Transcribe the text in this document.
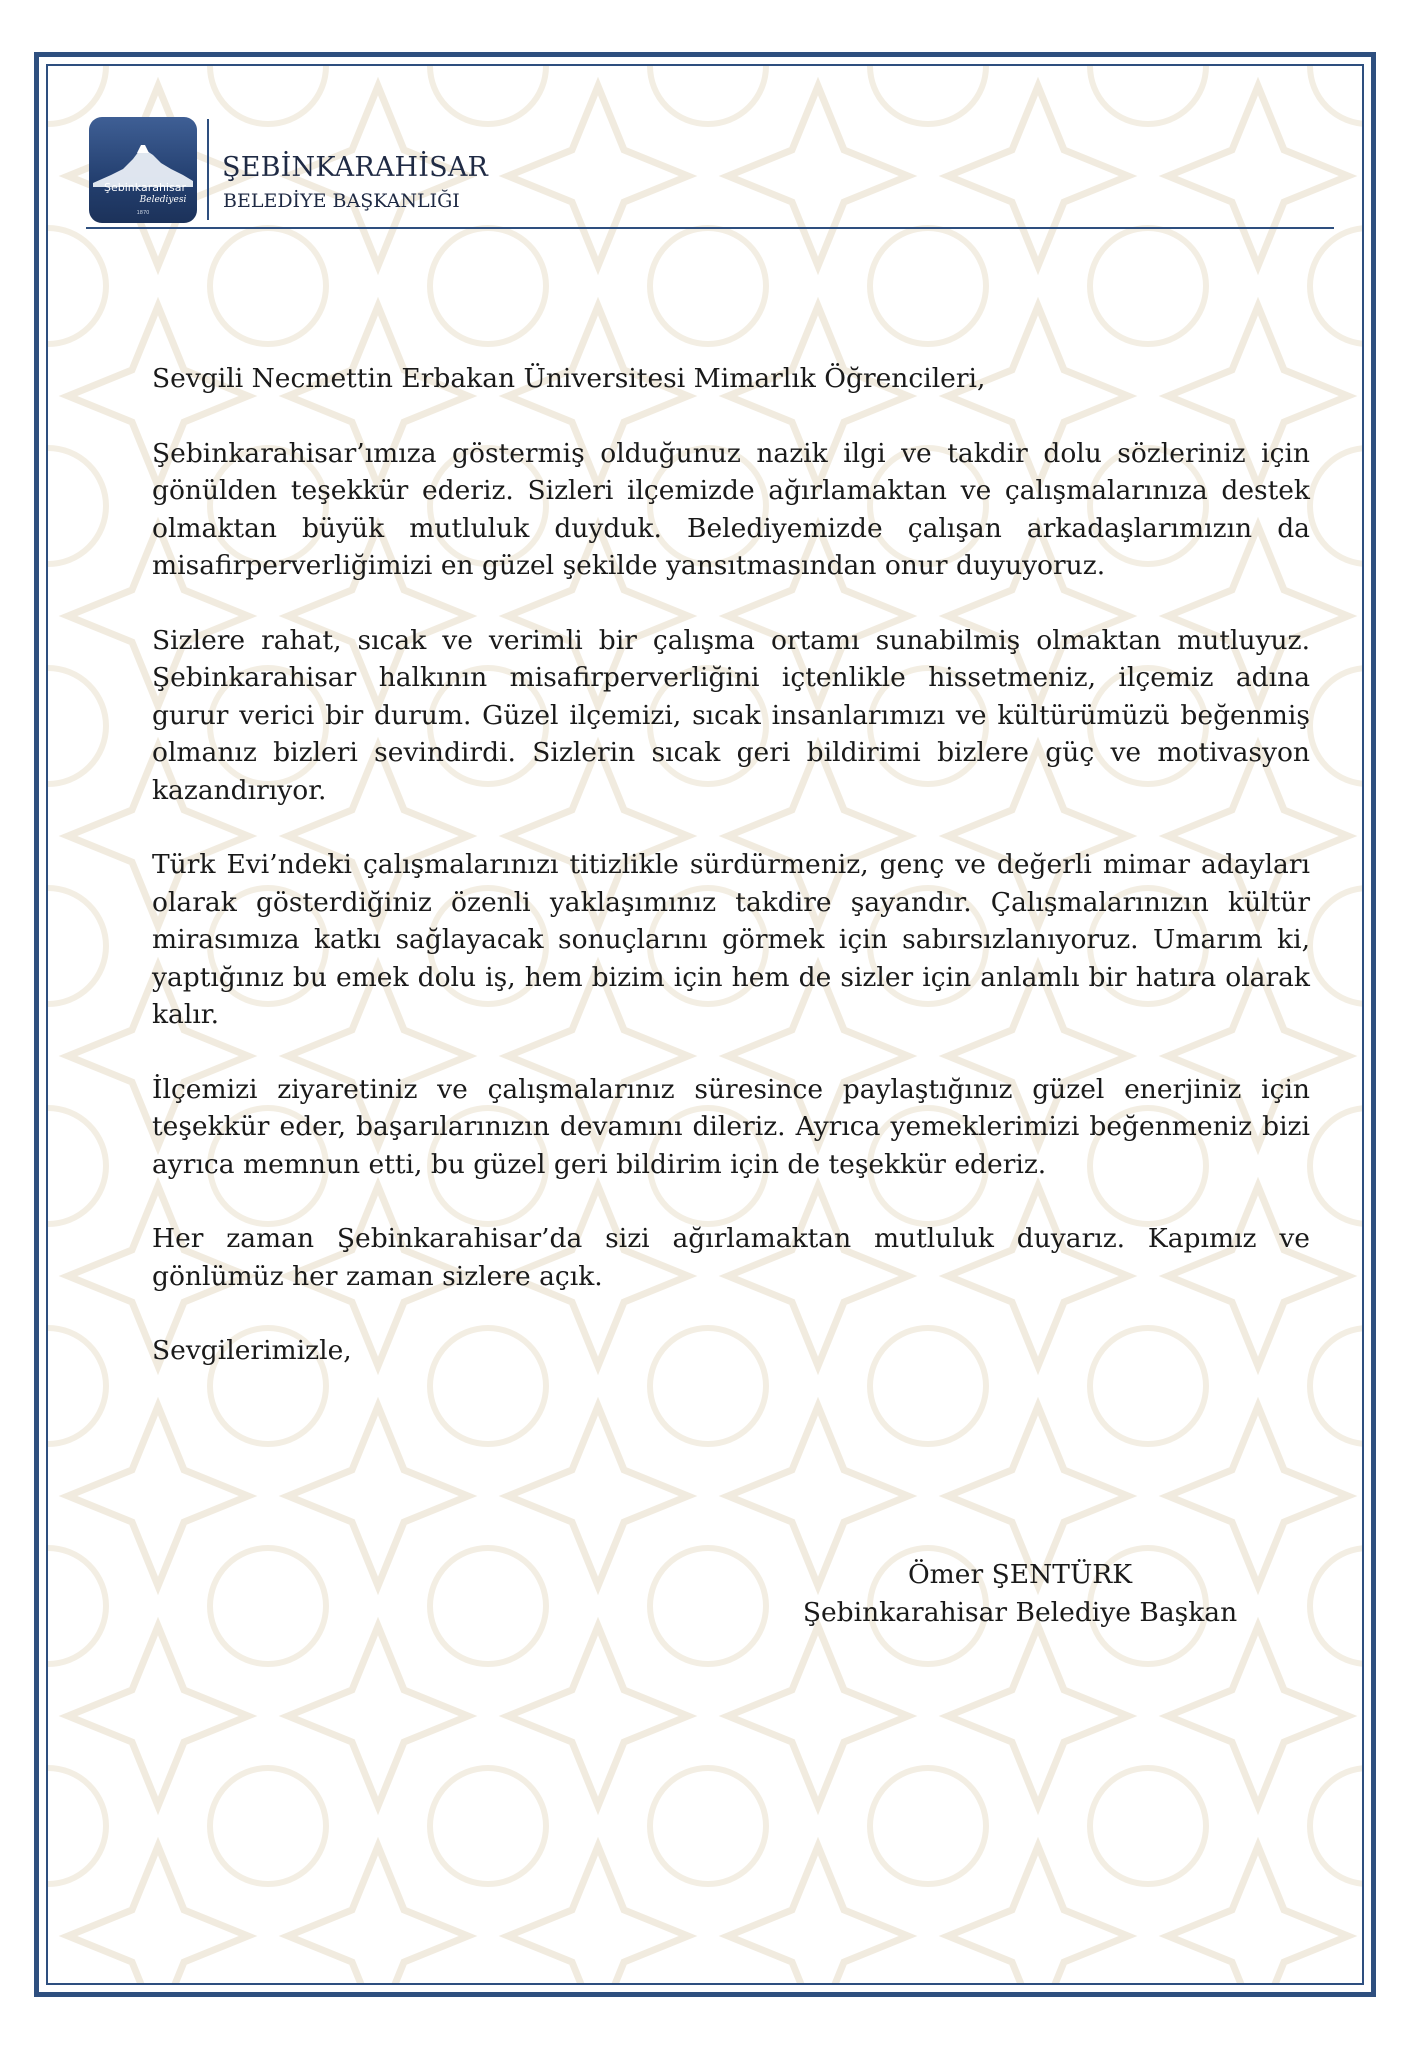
Şebinkarahisar
Belediyesi
1870
ŞEBİNKARAHİSAR
BELEDİYE BAŞKANLIĞI

Sevgili Necmettin Erbakan Üniversitesi Mimarlık Öğrencileri,

Şebinkarahisar’ımıza göstermiş olduğunuz nazik ilgi ve takdir dolu sözleriniz için gönülden teşekkür ederiz. Sizleri ilçemizde ağırlamaktan ve çalışmalarınıza destek olmaktan büyük mutluluk duyduk. Belediyemizde çalışan arkadaşlarımızın da misafirperverliğimizi en güzel şekilde yansıtmasından onur duyuyoruz.

Sizlere rahat, sıcak ve verimli bir çalışma ortamı sunabilmiş olmaktan mutluyuz. Şebinkarahisar halkının misafirperverliğini içtenlikle hissetmeniz, ilçemiz adına gurur verici bir durum. Güzel ilçemizi, sıcak insanlarımızı ve kültürümüzü beğenmiş olmanız bizleri sevindirdi. Sizlerin sıcak geri bildirimi bizlere güç ve motivasyon kazandırıyor.

Türk Evi’ndeki çalışmalarınızı titizlikle sürdürmeniz, genç ve değerli mimar adayları olarak gösterdiğiniz özenli yaklaşımınız takdire şayandır. Çalışmalarınızın kültür mirasımıza katkı sağlayacak sonuçlarını görmek için sabırsızlanıyoruz. Umarım ki, yaptığınız bu emek dolu iş, hem bizim için hem de sizler için anlamlı bir hatıra olarak kalır.

İlçemizi ziyaretiniz ve çalışmalarınız süresince paylaştığınız güzel enerjiniz için teşekkür eder, başarılarınızın devamını dileriz. Ayrıca yemeklerimizi beğenmeniz bizi ayrıca memnun etti, bu güzel geri bildirim için de teşekkür ederiz.

Her zaman Şebinkarahisar’da sizi ağırlamaktan mutluluk duyarız. Kapımız ve gönlümüz her zaman sizlere açık.

Sevgilerimizle,

Ömer ŞENTÜRK
Şebinkarahisar Belediye Başkan
